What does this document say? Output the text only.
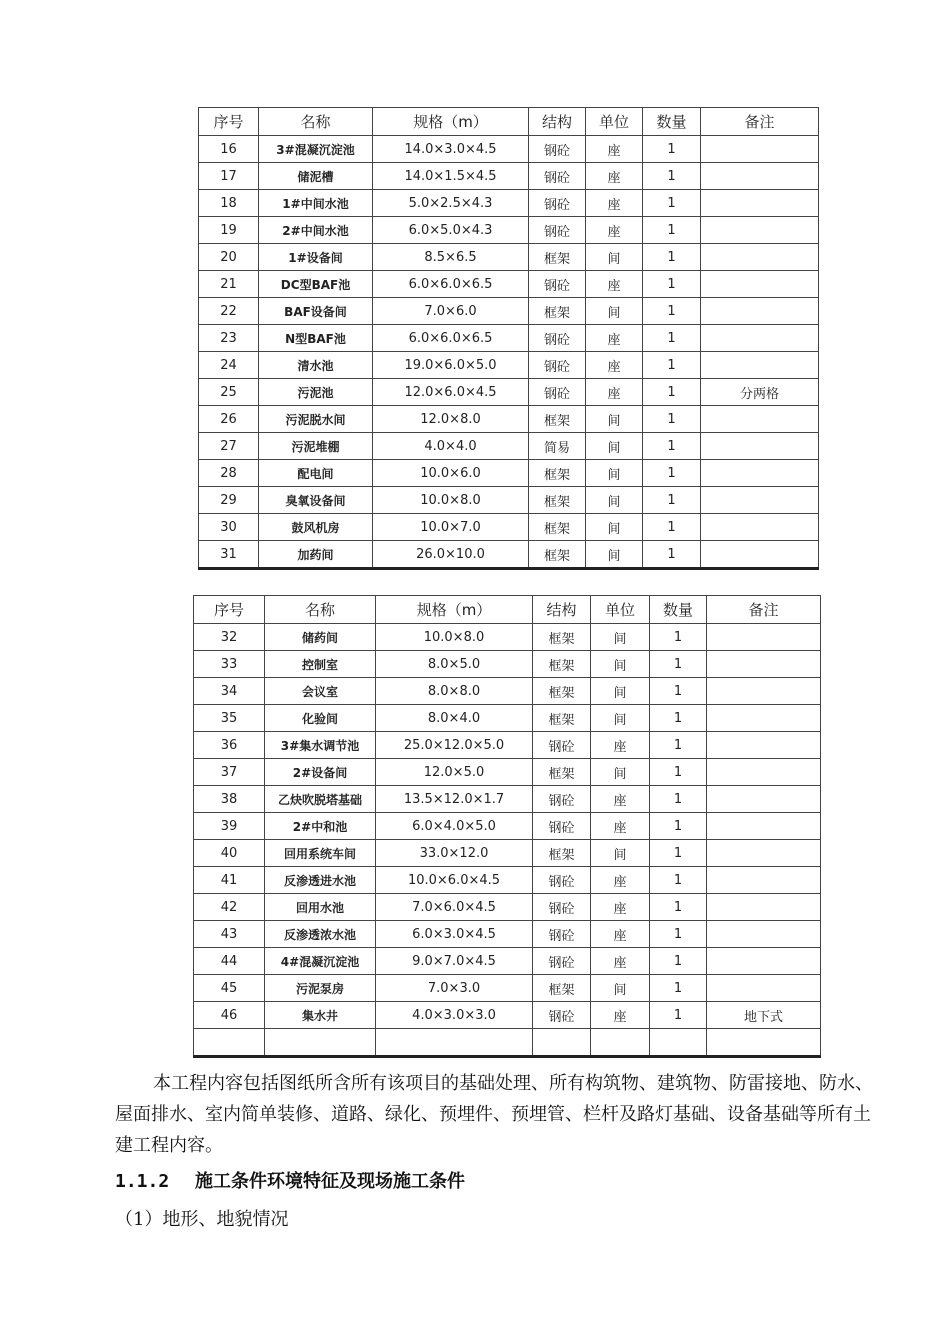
序号	名称	规格（m）	结构	单位	数量	备注
16	3#混凝沉淀池	14.0×3.0×4.5	钢砼	座	1	
17	储泥槽	14.0×1.5×4.5	钢砼	座	1	
18	1#中间水池	5.0×2.5×4.3	钢砼	座	1	
19	2#中间水池	6.0×5.0×4.3	钢砼	座	1	
20	1#设备间	8.5×6.5	框架	间	1	
21	DC型BAF池	6.0×6.0×6.5	钢砼	座	1	
22	BAF设备间	7.0×6.0	框架	间	1	
23	N型BAF池	6.0×6.0×6.5	钢砼	座	1	
24	清水池	19.0×6.0×5.0	钢砼	座	1	
25	污泥池	12.0×6.0×4.5	钢砼	座	1	分两格
26	污泥脱水间	12.0×8.0	框架	间	1	
27	污泥堆棚	4.0×4.0	简易	间	1	
28	配电间	10.0×6.0	框架	间	1	
29	臭氧设备间	10.0×8.0	框架	间	1	
30	鼓风机房	10.0×7.0	框架	间	1	
31	加药间	26.0×10.0	框架	间	1	
序号	名称	规格（m）	结构	单位	数量	备注
32	储药间	10.0×8.0	框架	间	1	
33	控制室	8.0×5.0	框架	间	1	
34	会议室	8.0×8.0	框架	间	1	
35	化验间	8.0×4.0	框架	间	1	
36	3#集水调节池	25.0×12.0×5.0	钢砼	座	1	
37	2#设备间	12.0×5.0	框架	间	1	
38	乙炔吹脱塔基础	13.5×12.0×1.7	钢砼	座	1	
39	2#中和池	6.0×4.0×5.0	钢砼	座	1	
40	回用系统车间	33.0×12.0	框架	间	1	
41	反渗透进水池	10.0×6.0×4.5	钢砼	座	1	
42	回用水池	7.0×6.0×4.5	钢砼	座	1	
43	反渗透浓水池	6.0×3.0×4.5	钢砼	座	1	
44	4#混凝沉淀池	9.0×7.0×4.5	钢砼	座	1	
45	污泥泵房	7.0×3.0	框架	间	1	
46	集水井	4.0×3.0×3.0	钢砼	座	1	地下式

本工程内容包括图纸所含所有该项目的基础处理、所有构筑物、建筑物、防雷接地、防水、屋面排水、室内简单装修、道路、绿化、预埋件、预埋管、栏杆及路灯基础、设备基础等所有土建工程内容。

1.1.2 施工条件环境特征及现场施工条件

（1）地形、地貌情况
